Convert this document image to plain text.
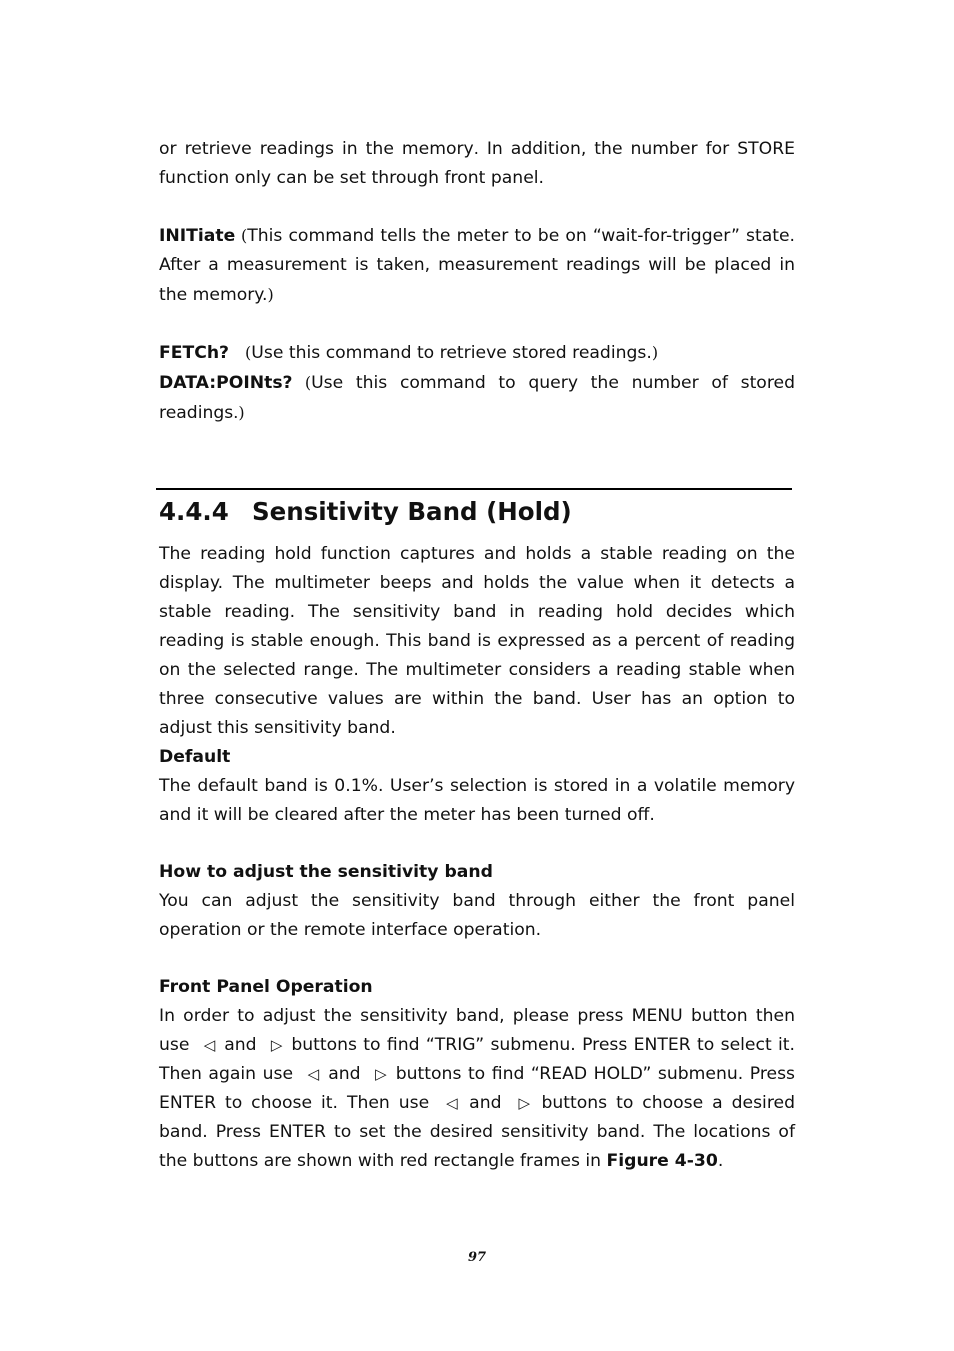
or retrieve readings in the memory. In addition, the number for STORE function only can be set through front panel.

INITiate (This command tells the meter to be on “wait-for-trigger” state. After a measurement is taken, measurement readings will be placed in the memory.)

FETCh?   (Use this command to retrieve stored readings.)

DATA:POINts? (Use this command to query the number of stored readings.)

4.4.4 Sensitivity Band (Hold)

The reading hold function captures and holds a stable reading on the display. The multimeter beeps and holds the value when it detects a stable reading. The sensitivity band in reading hold decides which reading is stable enough. This band is expressed as a percent of reading on the selected range. The multimeter considers a reading stable when three consecutive values are within the band. User has an option to adjust this sensitivity band.

Default

The default band is 0.1%. User’s selection is stored in a volatile memory and it will be cleared after the meter has been turned off.

How to adjust the sensitivity band

You can adjust the sensitivity band through either the front panel operation or the remote interface operation.

Front Panel Operation

In order to adjust the sensitivity band, please press MENU button then use ◁ and ▷ buttons to find “TRIG” submenu. Press ENTER to select it. Then again use ◁ and ▷ buttons to find “READ HOLD” submenu. Press ENTER to choose it. Then use ◁ and ▷ buttons to choose a desired band. Press ENTER to set the desired sensitivity band. The locations of the buttons are shown with red rectangle frames in Figure 4-30.

97
